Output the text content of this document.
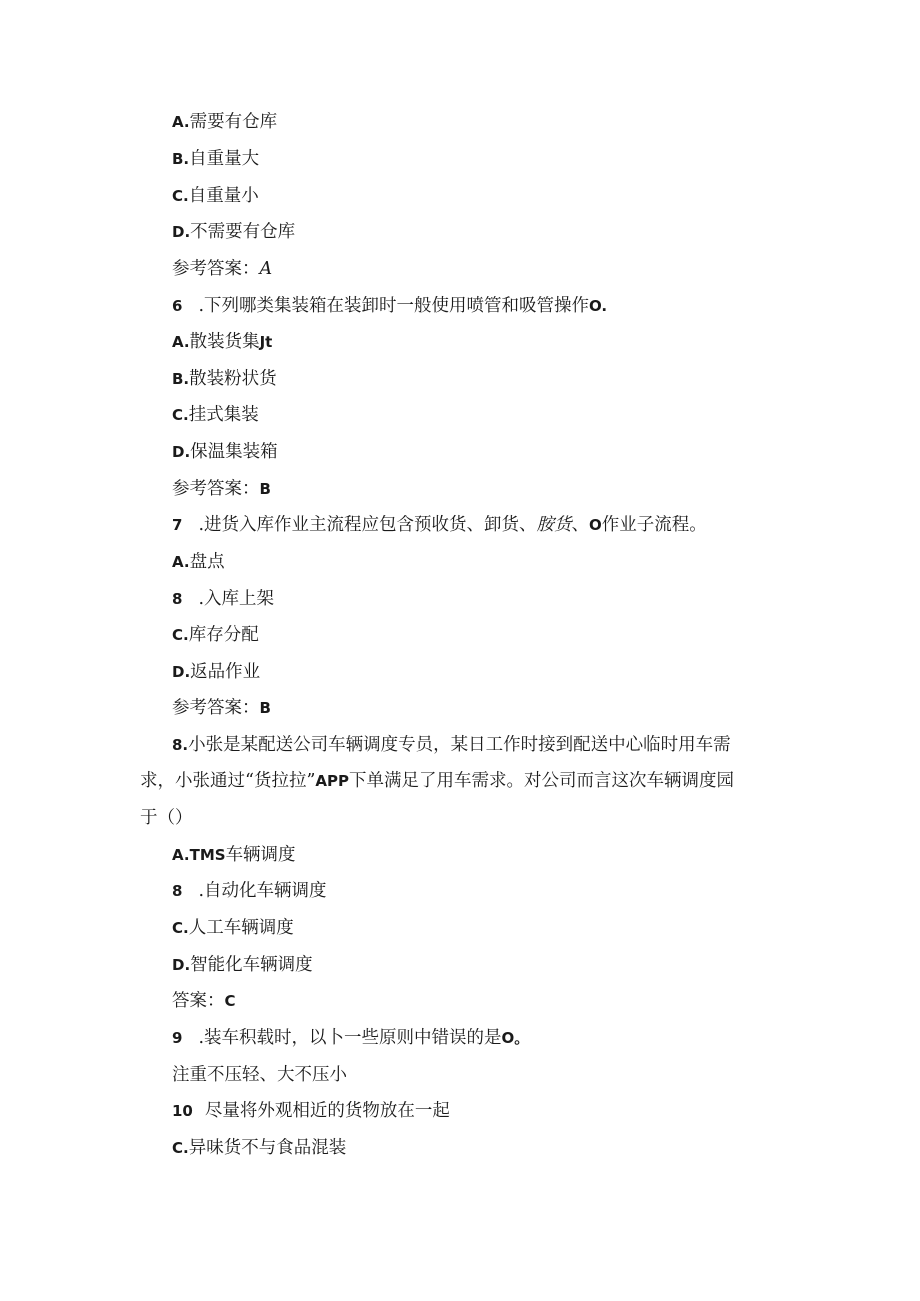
A.需要有仓库
B.自重量大
C.自重量小
D.不需要有仓库
参考答案：A
6 .下列哪类集装箱在装卸时一般使用喷管和吸管操作O.
A.散装货集Jt
B.散装粉状货
C.挂式集装
D.保温集装箱
参考答案：B
7 .进货入库作业主流程应包含预收货、卸货、胺货、O作业子流程。
A.盘点
8 .入库上架
C.库存分配
D.返品作业
参考答案：B
8.小张是某配送公司车辆调度专员，某日工作时接到配送中心临时用车需
求，小张通过“货拉拉”APP下单满足了用车需求。对公司而言这次车辆调度园
于（）
A.TMS车辆调度
8 .自动化车辆调度
C.人工车辆调度
D.智能化车辆调度
答案：C
9 .装车积载时，以卜一些原则中错误的是O。
注重不压轻、大不压小
10 尽量将外观相近的货物放在一起
C.异味货不与食品混装
